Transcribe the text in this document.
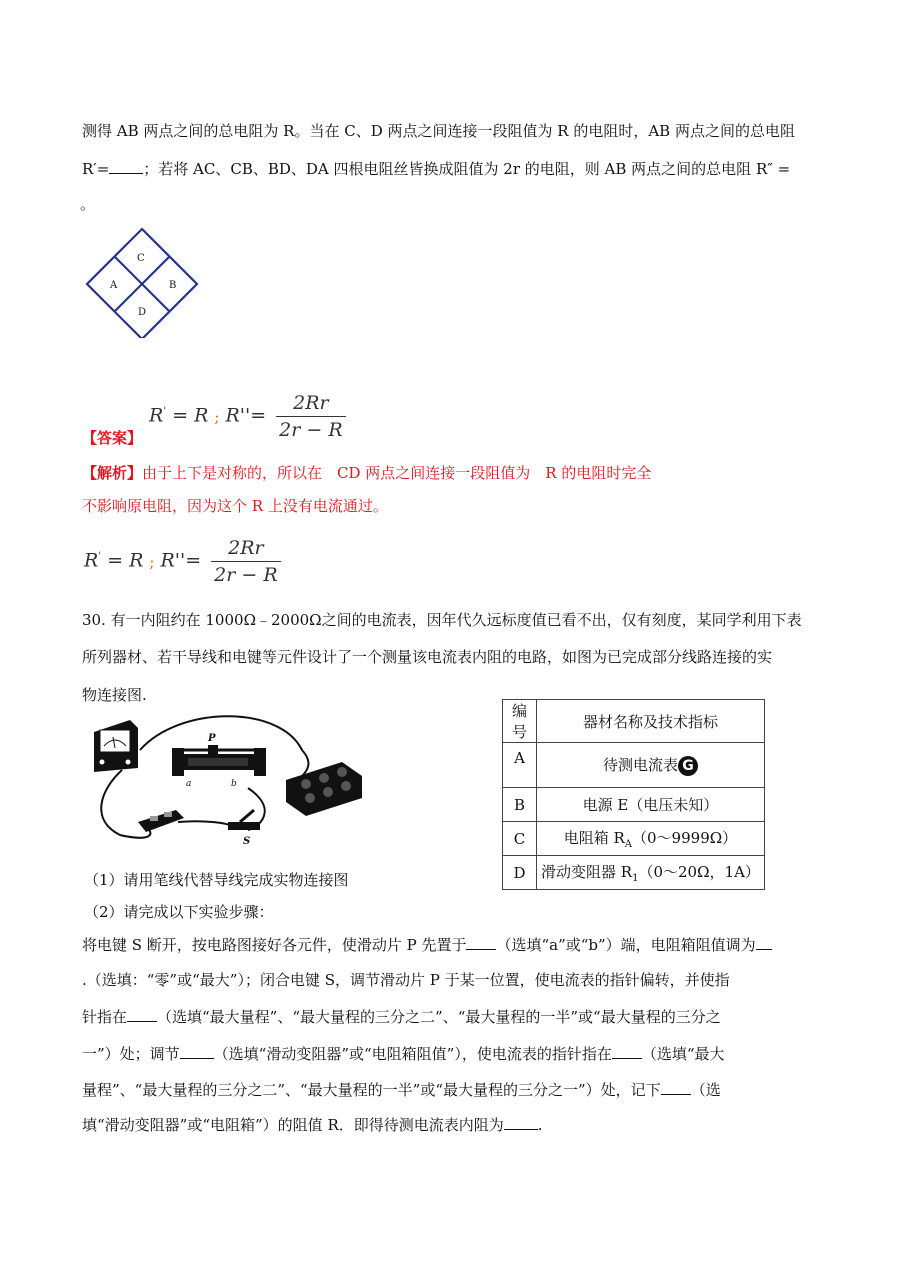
测得 AB 两点之间的总电阻为 R。当在 C、D 两点之间连接一段阻值为 R 的电阻时，AB 两点之间的总电阻
R′= ；若将 AC、CB、BD、DA 四根电阻丝皆换成阻值为 2r 的电阻，则 AB 两点之间的总电阻 R″ =
。
C
A	B
D
R' = R ; $R''= \frac{2Rr}{2r - R}$
【答案】
【解析】由于上下是对称的，所以在　CD 两点之间连接一段阻值为　R 的电阻时完全
不影响原电阻，因为这个 R 上没有电流通过。
R' = R ; $R''= \frac{2Rr}{2r - R}$
30. 有一内阻约在 1000Ω﹣2000Ω之间的电流表，因年代久远标度值已看不出，仅有刻度，某同学利用下表
所列器材、若干导线和电键等元件设计了一个测量该电流表内阻的电路，如图为已完成部分线路连接的实
物连接图.
P
a	b
S
编号	器材名称及技术指标
A	待测电流表 G
B	电源 E（电压未知）
C	电阻箱 $R_A(0\sim 9999\Omega)$
D	滑动变阻器 $R_1(0\sim 20\Omega$，1A）
（1）请用笔线代替导线完成实物连接图
（2）请完成以下实验步骤：
将电键 S 断开，按电路图接好各元件，使滑动片 P 先置于 （选填“a”或“b”）端，电阻箱阻值调为
.（选填：“零”或“最大”）；闭合电键 S，调节滑动片 P 于某一位置，使电流表的指针偏转，并使指
针指在 （选填“最大量程”、“最大量程的三分之二”、“最大量程的一半”或“最大量程的三分之
一”）处；调节 （选填“滑动变阻器”或“电阻箱阻值”），使电流表的指针指在 （选填“最大
量程”、“最大量程的三分之二”、“最大量程的一半”或“最大量程的三分之一”）处，记下 （选
填“滑动变阻器”或“电阻箱”）的阻值 R．即得待测电流表内阻为 .
